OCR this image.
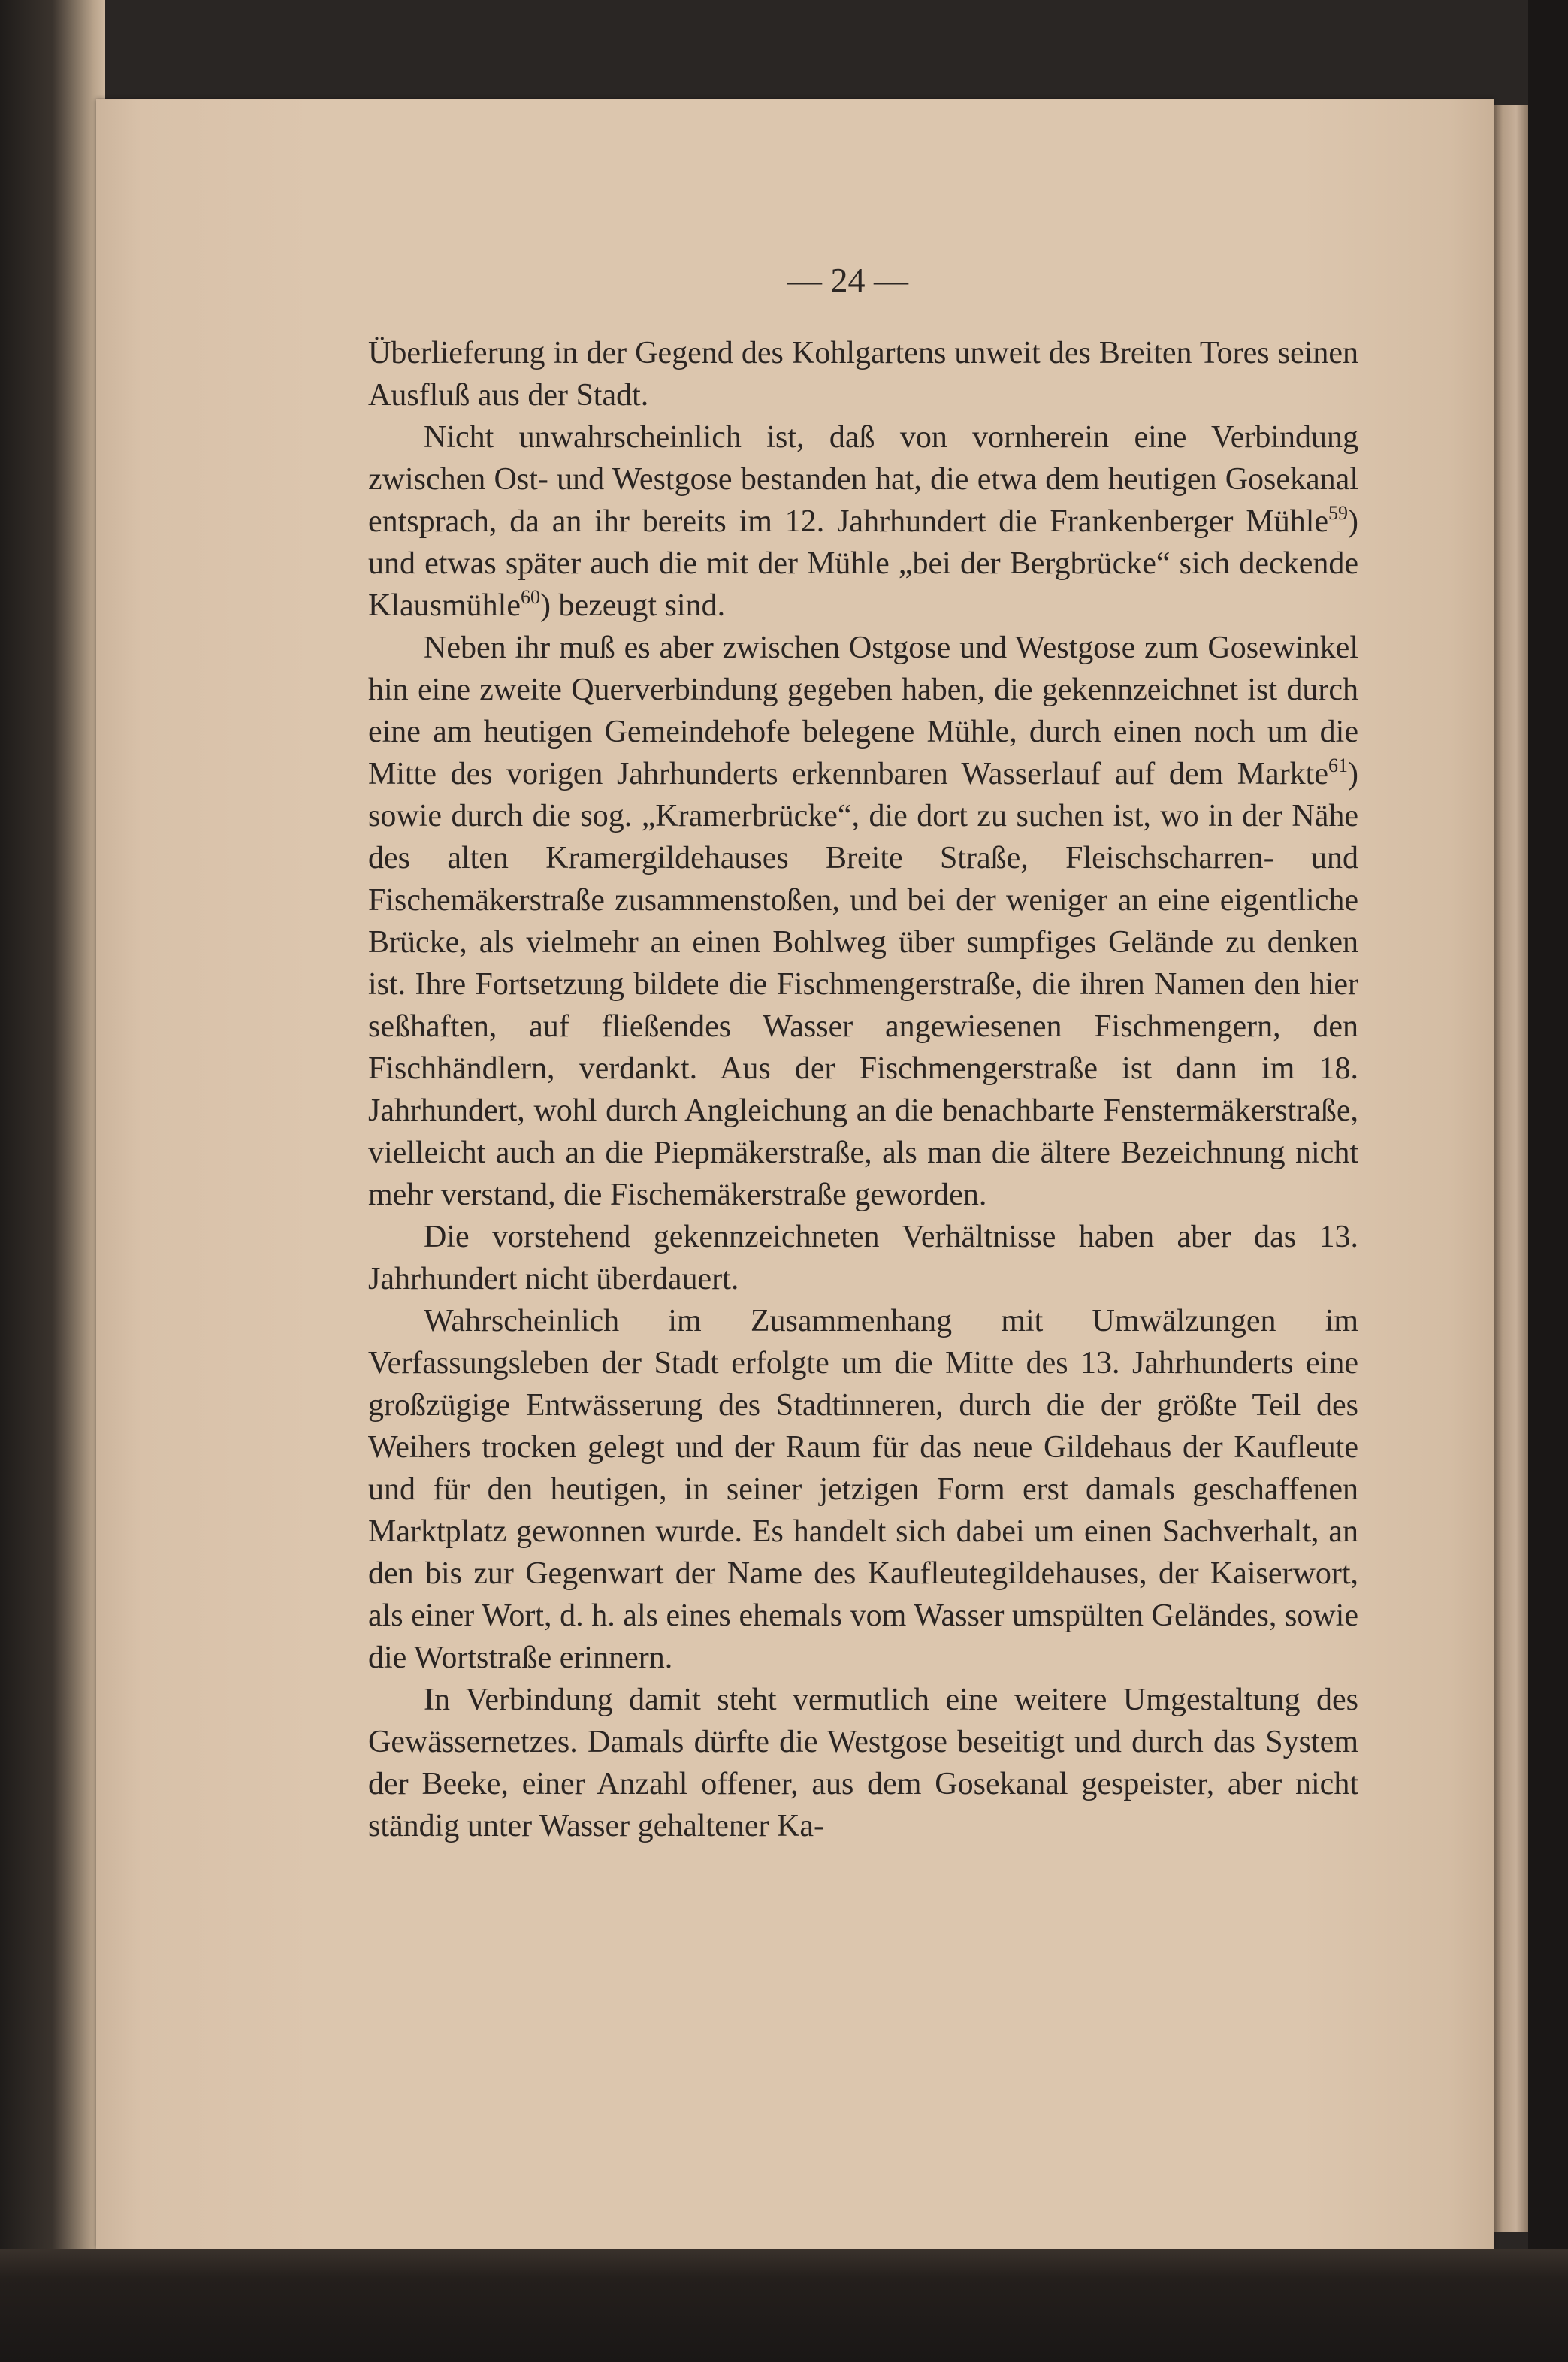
— 24 —

Überlieferung in der Gegend des Kohlgartens unweit des Breiten Tores seinen Ausfluß aus der Stadt.

Nicht unwahrscheinlich ist, daß von vornherein eine Verbindung zwischen Ost- und Westgose bestanden hat, die etwa dem heutigen Gosekanal entsprach, da an ihr bereits im 12. Jahrhundert die Frankenberger Mühle$^{59}$) und etwas später auch die mit der Mühle „bei der Bergbrücke“ sich deckende Klausmühle$^{60}$) bezeugt sind.

Neben ihr muß es aber zwischen Ostgose und Westgose zum Gosewinkel hin eine zweite Querverbindung gegeben haben, die gekennzeichnet ist durch eine am heutigen Gemeindehofe belegene Mühle, durch einen noch um die Mitte des vorigen Jahrhunderts erkennbaren Wasserlauf auf dem Markte$^{61}$) sowie durch die sog. „Kramerbrücke“, die dort zu suchen ist, wo in der Nähe des alten Kramergildehauses Breite Straße, Fleischscharren- und Fischemäkerstraße zusammenstoßen, und bei der weniger an eine eigentliche Brücke, als vielmehr an einen Bohlweg über sumpfiges Gelände zu denken ist. Ihre Fortsetzung bildete die Fischmengerstraße, die ihren Namen den hier seßhaften, auf fließendes Wasser angewiesenen Fischmengern, den Fischhändlern, verdankt. Aus der Fischmengerstraße ist dann im 18. Jahrhundert, wohl durch Angleichung an die benachbarte Fenstermäkerstraße, vielleicht auch an die Piepmäkerstraße, als man die ältere Bezeichnung nicht mehr verstand, die Fischemäkerstraße geworden.

Die vorstehend gekennzeichneten Verhältnisse haben aber das 13. Jahrhundert nicht überdauert.

Wahrscheinlich im Zusammenhang mit Umwälzungen im Verfassungsleben der Stadt erfolgte um die Mitte des 13. Jahrhunderts eine großzügige Entwässerung des Stadtinneren, durch die der größte Teil des Weihers trocken gelegt und der Raum für das neue Gildehaus der Kaufleute und für den heutigen, in seiner jetzigen Form erst damals geschaffenen Marktplatz gewonnen wurde. Es handelt sich dabei um einen Sachverhalt, an den bis zur Gegenwart der Name des Kaufleutegildehauses, der Kaiserwort, als einer Wort, d. h. als eines ehemals vom Wasser umspülten Geländes, sowie die Wortstraße erinnern.

In Verbindung damit steht vermutlich eine weitere Umgestaltung des Gewässernetzes. Damals dürfte die Westgose beseitigt und durch das System der Beeke, einer Anzahl offener, aus dem Gosekanal gespeister, aber nicht ständig unter Wasser gehaltener Ka-
